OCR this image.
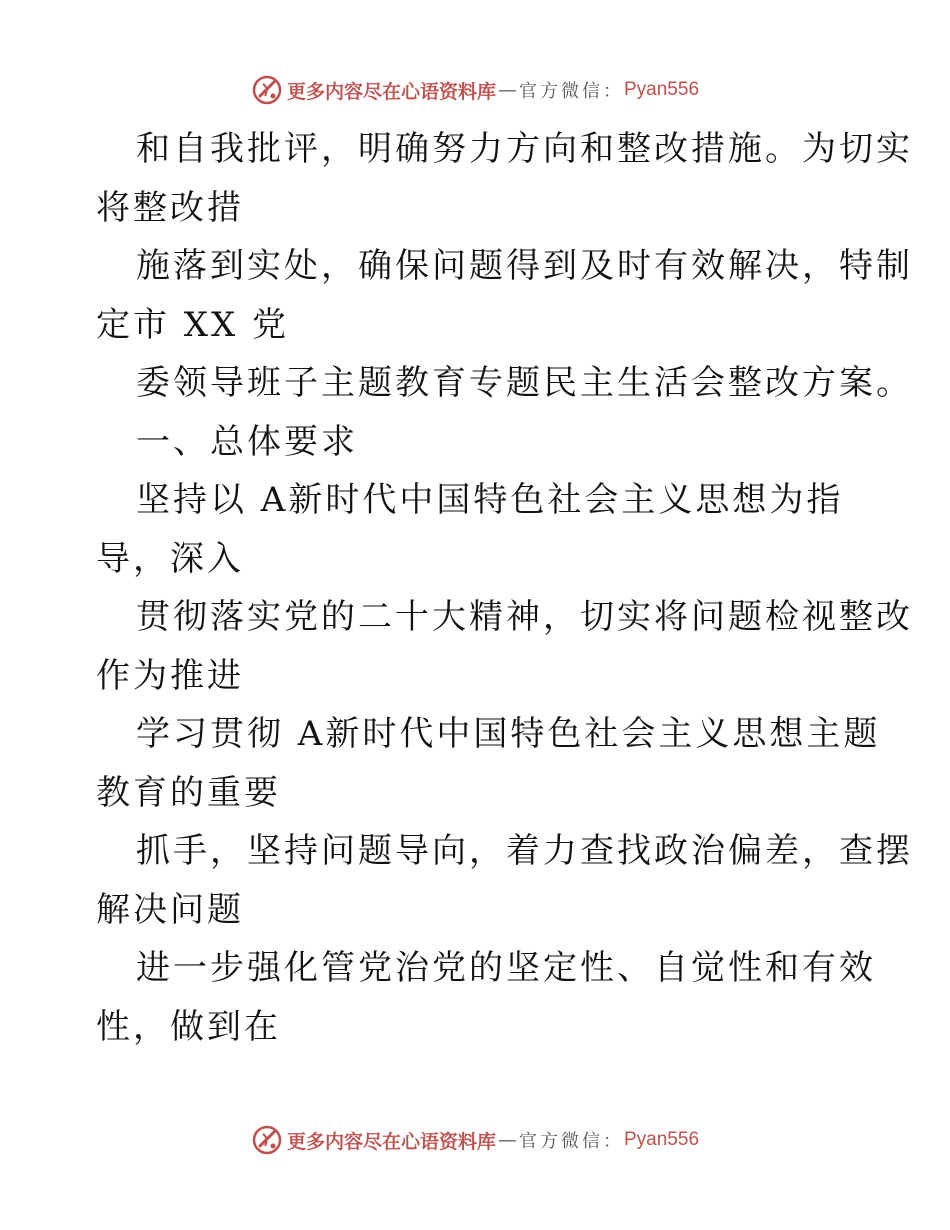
更多内容尽在心语资料库 — 官方微信： Pyan556
和自我批评，明确努力方向和整改措施。为切实
将整改措
施落到实处，确保问题得到及时有效解决，特制
定市 XX 党
委领导班子主题教育专题民主生活会整改方案。
一、总体要求
坚持以 A新时代中国特色社会主义思想为指
导，深入
贯彻落实党的二十大精神，切实将问题检视整改
作为推进
学习贯彻 A新时代中国特色社会主义思想主题
教育的重要
抓手，坚持问题导向，着力查找政治偏差，查摆
解决问题
进一步强化管党治党的坚定性、自觉性和有效
性，做到在
更多内容尽在心语资料库 — 官方微信： Pyan556
